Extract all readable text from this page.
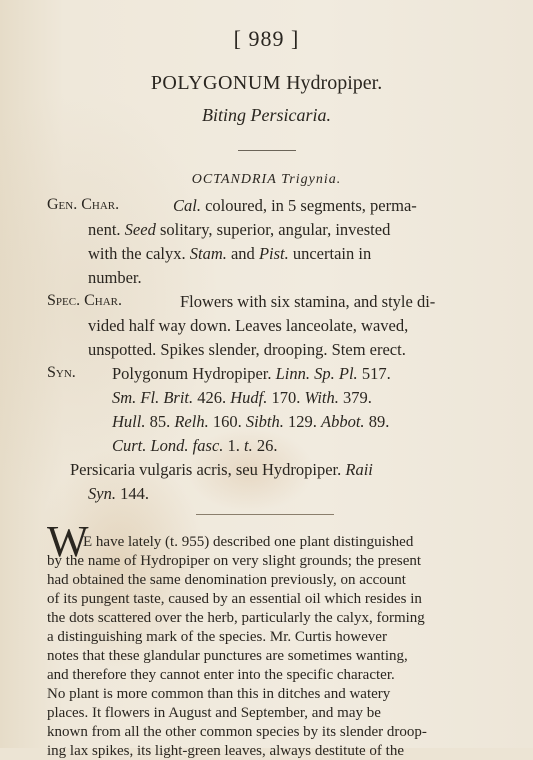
[ 989 ]
POLYGONUM Hydropiper.
Biting Persicaria.
OCTANDRIA Trigynia.
Gen. Char.	Cal. coloured, in 5 segments, perma-
nent. Seed solitary, superior, angular, invested
with the calyx. Stam. and Pist. uncertain in
number.
Spec. Char.	Flowers with six stamina, and style di-
vided half way down. Leaves lanceolate, waved,
unspotted. Spikes slender, drooping. Stem erect.
Syn. Polygonum Hydropiper. Linn. Sp. Pl. 517.
Sm. Fl. Brit. 426. Hudf. 170. With. 379.
Hull. 85. Relh. 160. Sibth. 129. Abbot. 89.
Curt. Lond. fasc. 1. t. 26.
Persicaria vulgaris acris, seu Hydropiper. Raii
Syn. 144.
W
E have lately (t. 955) described one plant distinguished
by the name of Hydropiper on very slight grounds; the present
had obtained the same denomination previously, on account
of its pungent taste, caused by an essential oil which resides in
the dots scattered over the herb, particularly the calyx, forming
a distinguishing mark of the species. Mr. Curtis however
notes that these glandular punctures are sometimes wanting,
and therefore they cannot enter into the specific character.
No plant is more common than this in ditches and watery
places. It flowers in August and September, and may be
known from all the other common species by its slender droop-
ing lax spikes, its light-green leaves, always destitute of the
